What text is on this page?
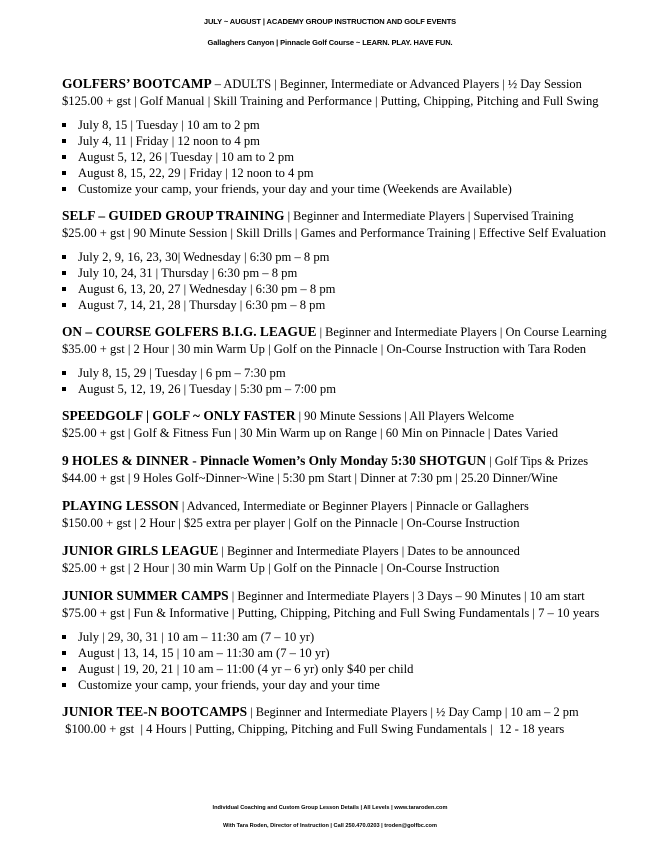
JULY ~ AUGUST | ACADEMY GROUP INSTRUCTION AND GOLF EVENTS
Gallaghers Canyon | Pinnacle Golf Course ~ LEARN. PLAY. HAVE FUN.
GOLFERS’ BOOTCAMP – ADULTS | Beginner, Intermediate or Advanced Players | ½ Day Session
$125.00 + gst | Golf Manual | Skill Training and Performance | Putting, Chipping, Pitching and Full Swing
July 8, 15 | Tuesday | 10 am to 2 pm
July 4, 11 | Friday | 12 noon to 4 pm
August 5, 12, 26 | Tuesday | 10 am to 2 pm
August 8, 15, 22, 29 | Friday | 12 noon to 4 pm
Customize your camp, your friends, your day and your time (Weekends are Available)
SELF – GUIDED GROUP TRAINING | Beginner and Intermediate Players | Supervised Training
$25.00 + gst | 90 Minute Session | Skill Drills | Games and Performance Training | Effective Self Evaluation
July 2, 9, 16, 23, 30| Wednesday | 6:30 pm – 8 pm
July 10, 24, 31 | Thursday | 6:30 pm – 8 pm
August 6, 13, 20, 27 | Wednesday | 6:30 pm – 8 pm
August 7, 14, 21, 28 | Thursday | 6:30 pm – 8 pm
ON – COURSE GOLFERS B.I.G. LEAGUE | Beginner and Intermediate Players | On Course Learning
$35.00 + gst | 2 Hour | 30 min Warm Up | Golf on the Pinnacle | On-Course Instruction with Tara Roden
July 8, 15, 29 | Tuesday | 6 pm – 7:30 pm
August 5, 12, 19, 26 | Tuesday | 5:30 pm – 7:00 pm
SPEEDGOLF | GOLF ~ ONLY FASTER | 90 Minute Sessions | All Players Welcome
$25.00 + gst | Golf & Fitness Fun | 30 Min Warm up on Range | 60 Min on Pinnacle | Dates Varied
9 HOLES & DINNER - Pinnacle Women’s Only Monday 5:30 SHOTGUN | Golf Tips & Prizes
$44.00 + gst | 9 Holes Golf~Dinner~Wine | 5:30 pm Start | Dinner at 7:30 pm | 25.20 Dinner/Wine
PLAYING LESSON | Advanced, Intermediate or Beginner Players | Pinnacle or Gallaghers
$150.00 + gst | 2 Hour | $25 extra per player | Golf on the Pinnacle | On-Course Instruction
JUNIOR GIRLS LEAGUE | Beginner and Intermediate Players | Dates to be announced
$25.00 + gst | 2 Hour | 30 min Warm Up | Golf on the Pinnacle | On-Course Instruction
JUNIOR SUMMER CAMPS | Beginner and Intermediate Players | 3 Days – 90 Minutes | 10 am start
$75.00 + gst | Fun & Informative | Putting, Chipping, Pitching and Full Swing Fundamentals | 7 – 10 years
July | 29, 30, 31 | 10 am – 11:30 am (7 – 10 yr)
August | 13, 14, 15 | 10 am – 11:30 am (7 – 10 yr)
August | 19, 20, 21 | 10 am – 11:00 (4 yr – 6 yr) only $40 per child
Customize your camp, your friends, your day and your time
JUNIOR TEE-N BOOTCAMPS | Beginner and Intermediate Players | ½ Day Camp | 10 am – 2 pm
$100.00 + gst  | 4 Hours | Putting, Chipping, Pitching and Full Swing Fundamentals |  12 - 18 years
Individual Coaching and Custom Group Lesson Details | All Levels | www.tararoden.com
With Tara Roden, Director of Instruction | Call 250.470.0203 | troden@golfbc.com
